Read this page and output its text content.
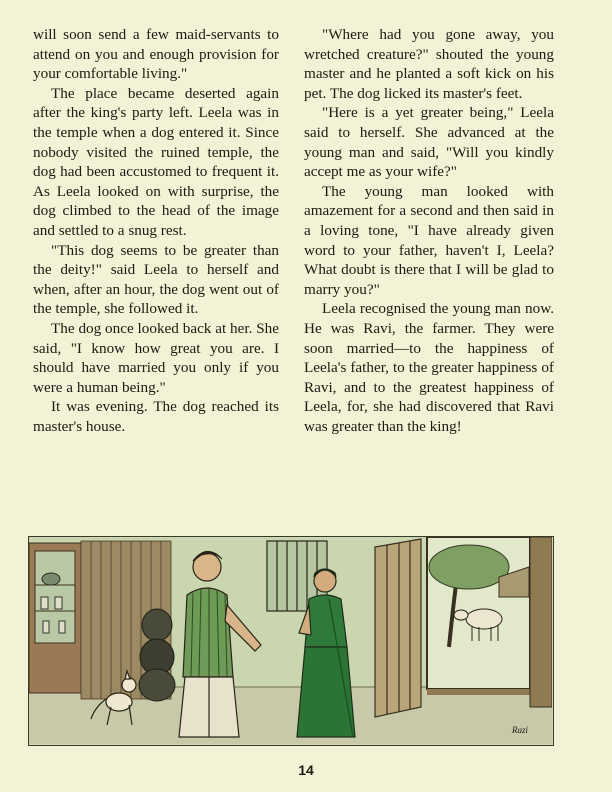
will soon send a few maid-servants to attend on you and enough provision for your comfortable living."

The place became deserted again after the king's party left. Leela was in the temple when a dog entered it. Since nobody visited the ruined temple, the dog had been accustomed to frequent it. As Leela looked on with surprise, the dog climbed to the head of the image and settled to a snug rest.

"This dog seems to be greater than the deity!" said Leela to herself and when, after an hour, the dog went out of the temple, she followed it.

The dog once looked back at her. She said, "I know how great you are. I should have married you only if you were a human being."

It was evening. The dog reached its master's house.

"Where had you gone away, you wretched creature?" shouted the young master and he planted a soft kick on his pet. The dog licked its master's feet.

"Here is a yet greater being," Leela said to herself. She advanced at the young man and said, "Will you kindly accept me as your wife?"

The young man looked with amazement for a second and then said in a loving tone, "I have already given word to your father, haven't I, Leela? What doubt is there that I will be glad to marry you?"

Leela recognised the young man now. He was Ravi, the farmer. They were soon married—to the happiness of Leela's father, to the greater happiness of Ravi, and to the greatest happiness of Leela, for, she had discovered that Ravi was greater than the king!

Razi
14
